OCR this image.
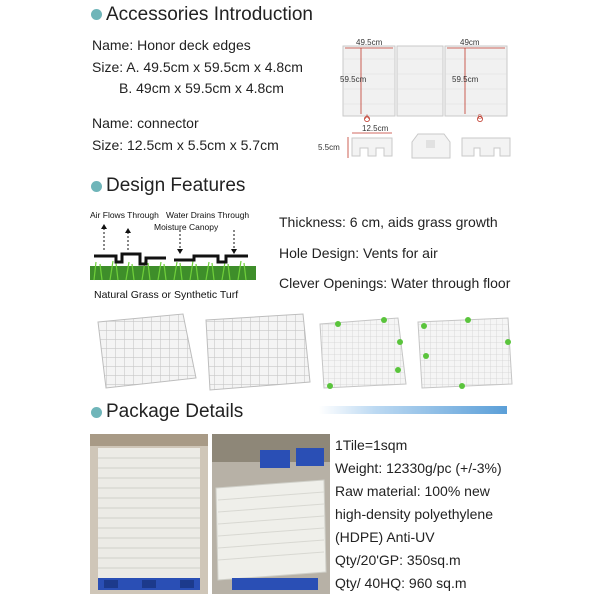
Accessories Introduction
Name: Honor deck edges
Size: A. 49.5cm x 59.5cm x 4.8cm
B. 49cm x 59.5cm x 4.8cm
Name: connector
Size: 12.5cm x 5.5cm x 5.7cm
49.5cm	49cm
59.5cm	59.5cm
A	B
12.5cm
5.5cm
Design Features
Air Flows Through Water Drains Through
Moisture Canopy
Natural Grass or Synthetic Turf
Thickness: 6 cm, aids grass growth
Hole Design: Vents for air
Clever Openings: Water through floor
Package Details
1Tile=1sqm
Weight: 12330g/pc (+/-3%)
Raw material: 100% new
high-density polyethylene
(HDPE) Anti-UV
Qty/20'GP: 350sq.m
Qty/ 40HQ: 960 sq.m
